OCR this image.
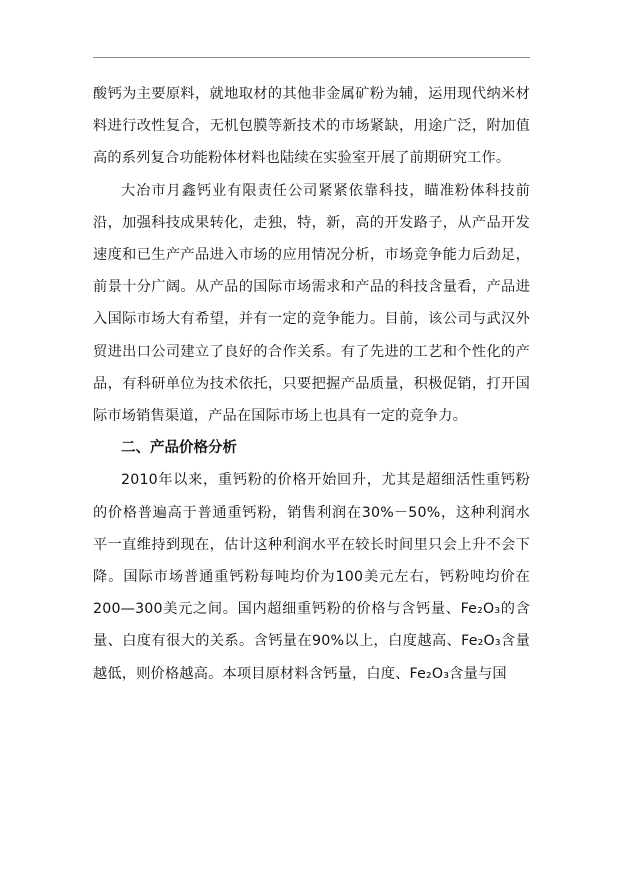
酸钙为主要原料，就地取材的其他非金属矿粉为辅，运用现代纳米材料进行改性复合，无机包膜等新技术的市场紧缺，用途广泛，附加值高的系列复合功能粉体材料也陆续在实验室开展了前期研究工作。

大冶市月鑫钙业有限责任公司紧紧依靠科技，瞄准粉体科技前沿，加强科技成果转化，走独，特，新，高的开发路子，从产品开发速度和已生产产品进入市场的应用情况分析，市场竞争能力后劲足，前景十分广阔。从产品的国际市场需求和产品的科技含量看，产品进入国际市场大有希望，并有一定的竞争能力。目前，该公司与武汉外贸进出口公司建立了良好的合作关系。有了先进的工艺和个性化的产品，有科研单位为技术依托，只要把握产品质量，积极促销，打开国际市场销售渠道，产品在国际市场上也具有一定的竞争力。

二、产品价格分析

2010年以来，重钙粉的价格开始回升，尤其是超细活性重钙粉的价格普遍高于普通重钙粉，销售利润在30%－50%，这种利润水平一直维持到现在，估计这种利润水平在较长时间里只会上升不会下降。国际市场普通重钙粉每吨均价为100美元左右，钙粉吨均价在200—300美元之间。国内超细重钙粉的价格与含钙量、Fe₂O₃的含量、白度有很大的关系。含钙量在90%以上，白度越高、Fe₂O₃含量越低，则价格越高。本项目原材料含钙量，白度、Fe₂O₃含量与国
